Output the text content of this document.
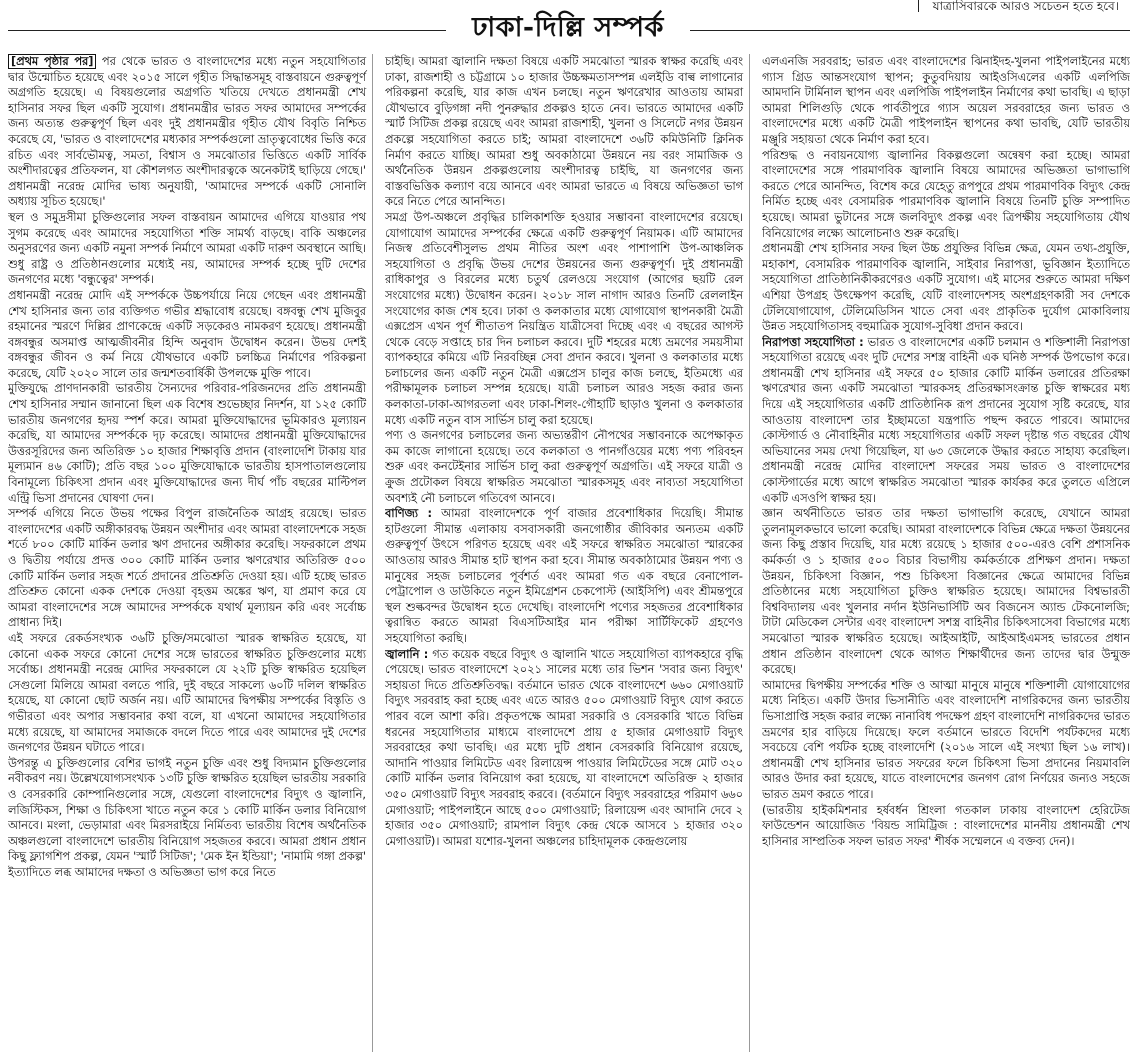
যাত্রাসিবারকে আরও সচেতন হতে হবে।
ঢাকা-দিল্লি সম্পর্ক

[প্রথম পৃষ্ঠার পর] পর থেকে ভারত ও বাংলাদেশের মধ্যে নতুন সহযোগিতার দ্বার উন্মোচিত হয়েছে এবং ২০১৫ সালে গৃহীত সিদ্ধান্তসমূহ বাস্তবায়নে গুরুত্বপূর্ণ অগ্রগতি হয়েছে। এ বিষয়গুলোর অগ্রগতি খতিয়ে দেখতে প্রধানমন্ত্রী শেখ হাসিনার সফর ছিল একটি সুযোগ। প্রধানমন্ত্রীর ভারত সফর আমাদের সম্পর্কের জন্য অত্যন্ত গুরুত্বপূর্ণ ছিল এবং দুই প্রধানমন্ত্রীর গৃহীত যৌথ বিবৃতি নিশ্চিত করেছে যে, 'ভারত ও বাংলাদেশের মধ্যকার সম্পর্কগুলো ভ্রাতৃত্ববোধের ভিত্তি করে রচিত এবং সার্বভৌমত্ব, সমতা, বিশ্বাস ও সমঝোতার ভিত্তিতে একটি সার্বিক অংশীদারত্বের প্রতিফলন, যা কৌশলগত অংশীদারত্বকে অনেকটাই ছাড়িয়ে গেছে।' প্রধানমন্ত্রী নরেন্দ্র মোদির ভাষ্য অনুযায়ী, 'আমাদের সম্পর্কে একটি সোনালি অধ্যায় সূচিত হয়েছে।'

স্থল ও সমুদ্রসীমা চুক্তিগুলোর সফল বাস্তবায়ন আমাদের এগিয়ে যাওয়ার পথ সুগম করেছে এবং আমাদের সহযোগিতা শক্তি সামর্থ্য বাড়ছে। বাকি অঞ্চলের অনুসরণের জন্য একটি নমুনা সম্পর্ক নির্মাণে আমরা একটি দারুণ অবস্থানে আছি। শুধু রাষ্ট্র ও প্রতিষ্ঠানগুলোর মধ্যেই নয়, আমাদের সম্পর্ক হচ্ছে দুটি দেশের জনগণের মধ্যে 'বন্ধুত্বের' সম্পর্ক।

প্রধানমন্ত্রী নরেন্দ্র মোদি এই সম্পর্ককে উচ্চপর্যায়ে নিয়ে গেছেন এবং প্রধানমন্ত্রী শেখ হাসিনার জন্য তার ব্যক্তিগত গভীর শ্রদ্ধাবোধ রয়েছে। বঙ্গবন্ধু শেখ মুজিবুর রহমানের স্মরণে দিল্লির প্রাণকেন্দ্রে একটি সড়কেরও নামকরণ হয়েছে। প্রধানমন্ত্রী বঙ্গবন্ধুর অসমাপ্ত আত্মজীবনীর হিন্দি অনুবাদ উদ্বোধন করেন। উভয় দেশই বঙ্গবন্ধুর জীবন ও কর্ম নিয়ে যৌথভাবে একটি চলচ্চিত্র নির্মাণের পরিকল্পনা করেছে, যেটি ২০২০ সালে তার জন্মশতবার্ষিকী উপলক্ষে মুক্তি পাবে।

মুক্তিযুদ্ধে প্রাণদানকারী ভারতীয় সৈন্যদের পরিবার-পরিজনদের প্রতি প্রধানমন্ত্রী শেখ হাসিনার সম্মান জানানো ছিল এক বিশেষ শুভেচ্ছার নিদর্শন, যা ১২৫ কোটি ভারতীয় জনগণের হৃদয় স্পর্শ করে। আমরা মুক্তিযোদ্ধাদের ভূমিকারও মূল্যায়ন করেছি, যা আমাদের সম্পর্ককে দৃঢ় করেছে। আমাদের প্রধানমন্ত্রী মুক্তিযোদ্ধাদের উত্তরসূরিদের জন্য অতিরিক্ত ১০ হাজার শিক্ষাবৃত্তি প্রদান (বাংলাদেশি টাকায় যার মূল্যমান ৪৬ কোটি); প্রতি বছর ১০০ মুক্তিযোদ্ধাকে ভারতীয় হাসপাতালগুলোয় বিনামূল্যে চিকিৎসা প্রদান এবং মুক্তিযোদ্ধাদের জন্য দীর্ঘ পাঁচ বছরের মাল্টিপল এন্ট্রি ভিসা প্রদানের ঘোষণা দেন।

সম্পর্ক এগিয়ে নিতে উভয় পক্ষের বিপুল রাজনৈতিক আগ্রহ রয়েছে। ভারত বাংলাদেশের একটি অঙ্গীকারবদ্ধ উন্নয়ন অংশীদার এবং আমরা বাংলাদেশকে সহজ শর্তে ৮০০ কোটি মার্কিন ডলার ঋণ প্রদানের অঙ্গীকার করেছি। সফরকালে প্রথম ও দ্বিতীয় পর্যায়ে প্রদত্ত ৩০০ কোটি মার্কিন ডলার ঋণরেখার অতিরিক্ত ৫০০ কোটি মার্কিন ডলার সহজ শর্তে প্রদানের প্রতিশ্রুতি দেওয়া হয়। এটি হচ্ছে ভারত প্রতিশ্রুত কোনো একক দেশকে দেওয়া বৃহত্তম অঙ্কের ঋণ, যা প্রমাণ করে যে আমরা বাংলাদেশের সঙ্গে আমাদের সম্পর্ককে যথার্থ মূল্যায়ন করি এবং সর্বোচ্চ প্রাধান্য দিই।

এই সফরে রেকর্ডসংখ্যক ৩৬টি চুক্তি/সমঝোতা স্মারক স্বাক্ষরিত হয়েছে, যা কোনো একক সফরে কোনো দেশের সঙ্গে ভারতের স্বাক্ষরিত চুক্তিগুলোর মধ্যে সর্বোচ্চ। প্রধানমন্ত্রী নরেন্দ্র মোদির সফরকালে যে ২২টি চুক্তি স্বাক্ষরিত হয়েছিল সেগুলো মিলিয়ে আমরা বলতে পারি, দুই বছরে সাকল্যে ৬০টি দলিল স্বাক্ষরিত হয়েছে, যা কোনো ছোট অর্জন নয়। এটি আমাদের দ্বিপক্ষীয় সম্পর্কের বিস্তৃতি ও গভীরতা এবং অপার সম্ভাবনার কথা বলে, যা এখনো আমাদের সহযোগিতার মধ্যে রয়েছে, যা আমাদের সমাজকে বদলে দিতে পারে এবং আমাদের দুই দেশের জনগণের উন্নয়ন ঘটাতে পারে।

উপরন্তু এ চুক্তিগুলোর বেশির ভাগই নতুন চুক্তি এবং শুধু বিদ্যমান চুক্তিগুলোর নবীকরণ নয়। উল্লেখযোগ্যসংখ্যক ১৩টি চুক্তি স্বাক্ষরিত হয়েছিল ভারতীয় সরকারি ও বেসরকারি কোম্পানিগুলোর সঙ্গে, যেগুলো বাংলাদেশের বিদ্যুৎ ও জ্বালানি, লজিস্টিকস, শিক্ষা ও চিকিৎসা খাতে নতুন করে ১ কোটি মার্কিন ডলার বিনিয়োগ আনবে। মংলা, ভেড়ামারা এবং মিরসরাইয়ে নির্মিতব্য ভারতীয় বিশেষ অর্থনৈতিক অঞ্চলগুলো বাংলাদেশে ভারতীয় বিনিয়োগ সহজতর করবে। আমরা প্রধান প্রধান কিছু ফ্ল্যাগশিপ প্রকল্প, যেমন 'স্মার্ট সিটিজ'; 'মেক ইন ইন্ডিয়া'; 'নামামি গঙ্গা প্রকল্প' ইত্যাদিতে লব্ধ আমাদের দক্ষতা ও অভিজ্ঞতা ভাগ করে নিতে

চাইছি। আমরা জ্বালানি দক্ষতা বিষয়ে একটি সমঝোতা স্মারক স্বাক্ষর করেছি এবং ঢাকা, রাজশাহী ও চট্টগ্রামে ১০ হাজার উচ্চক্ষমতাসম্পন্ন এলইডি বাল্ব লাগানোর পরিকল্পনা করেছি, যার কাজ এখন চলছে। নতুন ঋণরেখার আওতায় আমরা যৌথভাবে বুড়িগঙ্গা নদী পুনরুদ্ধার প্রকল্পও হাতে নেব। ভারতে আমাদের একটি স্মার্ট সিটিজ প্রকল্প রয়েছে এবং আমরা রাজশাহী, খুলনা ও সিলেটে নগর উন্নয়ন প্রকল্পে সহযোগিতা করতে চাই; আমরা বাংলাদেশে ৩৬টি কমিউনিটি ক্লিনিক নির্মাণ করতে যাচ্ছি। আমরা শুধু অবকাঠামো উন্নয়নে নয় বরং সামাজিক ও অর্থনৈতিক উন্নয়ন প্রকল্পগুলোয় অংশীদারত্ব চাইছি, যা জনগণের জন্য বাস্তবভিত্তিক কল্যাণ বয়ে আনবে এবং আমরা ভারতে এ বিষয়ে অভিজ্ঞতা ভাগ করে নিতে পেরে আনন্দিত।

সমগ্র উপ-অঞ্চলে প্রবৃদ্ধির চালিকাশক্তি হওয়ার সম্ভাবনা বাংলাদেশের রয়েছে। যোগাযোগ আমাদের সম্পর্কের ক্ষেত্রে একটি গুরুত্বপূর্ণ নিয়ামক। এটি আমাদের নিজস্ব প্রতিবেশীসুলভ প্রথম নীতির অংশ এবং পাশাপাশি উপ-আঞ্চলিক সহযোগিতা ও প্রবৃদ্ধি উভয় দেশের উন্নয়নের জন্য গুরুত্বপূর্ণ। দুই প্রধানমন্ত্রী রাধিকাপুর ও বিরলের মধ্যে চতুর্থ রেলওয়ে সংযোগ (আগের ছয়টি রেল সংযোগের মধ্যে) উদ্বোধন করেন। ২০১৮ সাল নাগাদ আরও তিনটি রেললাইন সংযোগের কাজ শেষ হবে। ঢাকা ও কলকাতার মধ্যে যোগাযোগ স্থাপনকারী মৈত্রী এক্সপ্রেস এখন পূর্ণ শীতাতপ নিয়ন্ত্রিত যাত্রীসেবা দিচ্ছে এবং এ বছরের আগস্ট থেকে বেড়ে সপ্তাহে চার দিন চলাচল করবে। দুটি শহরের মধ্যে ভ্রমণের সময়সীমা ব্যাপকহারে কমিয়ে এটি নিরবচ্ছিন্ন সেবা প্রদান করবে। খুলনা ও কলকাতার মধ্যে চলাচলের জন্য একটি নতুন মৈত্রী এক্সপ্রেস চালুর কাজ চলছে, ইতিমধ্যে এর পরীক্ষামূলক চলাচল সম্পন্ন হয়েছে। যাত্রী চলাচল আরও সহজ করার জন্য কলকাতা-ঢাকা-আগরতলা এবং ঢাকা-শিলং-গৌহাটি ছাড়াও খুলনা ও কলকাতার মধ্যে একটি নতুন বাস সার্ভিস চালু করা হয়েছে।

পণ্য ও জনগণের চলাচলের জন্য অভ্যন্তরীণ নৌপথের সম্ভাবনাকে অপেক্ষাকৃত কম কাজে লাগানো হয়েছে। তবে কলকাতা ও পানগাঁওয়ের মধ্যে পণ্য পরিবহন শুরু এবং কনটেইনার সার্ভিস চালু করা গুরুত্বপূর্ণ অগ্রগতি। এই সফরে যাত্রী ও ক্রুজ প্রটোকল বিষয়ে স্বাক্ষরিত সমঝোতা স্মারকসমূহ এবং নাব্যতা সহযোগিতা অবশ্যই নৌ চলাচলে গতিবেগ আনবে।

বাণিজ্য : আমরা বাংলাদেশকে পূর্ণ বাজার প্রবেশাধিকার দিয়েছি। সীমান্ত হাটগুলো সীমান্ত এলাকায় বসবাসকারী জনগোষ্ঠীর জীবিকার অন্যতম একটি গুরুত্বপূর্ণ উৎসে পরিণত হয়েছে এবং এই সফরে স্বাক্ষরিত সমঝোতা স্মারকের আওতায় আরও সীমান্ত হাট স্থাপন করা হবে। সীমান্ত অবকাঠামোর উন্নয়ন পণ্য ও মানুষের সহজ চলাচলের পূর্বশর্ত এবং আমরা গত এক বছরে বেনাপোল-পেট্রাপোল ও ডাউকিতে নতুন ইমিগ্রেশন চেকপোস্ট (আইসিপি) এবং শ্রীমন্তপুরে স্থল শুল্কবন্দর উদ্বোধন হতে দেখেছি। বাংলাদেশি পণ্যের সহজতর প্রবেশাধিকার ত্বরান্বিত করতে আমরা বিএসটিআইর মান পরীক্ষা সার্টিফিকেট গ্রহণেও সহযোগিতা করছি।

জ্বালানি : গত কয়েক বছরে বিদ্যুৎ ও জ্বালানি খাতে সহযোগিতা ব্যাপকহারে বৃদ্ধি পেয়েছে। ভারত বাংলাদেশে ২০২১ সালের মধ্যে তার ভিশন 'সবার জন্য বিদ্যুৎ' সহায়তা দিতে প্রতিশ্রুতিবদ্ধ। বর্তমানে ভারত থেকে বাংলাদেশে ৬৬০ মেগাওয়াট বিদ্যুৎ সরবরাহ করা হচ্ছে এবং এতে আরও ৫০০ মেগাওয়াট বিদ্যুৎ যোগ করতে পারব বলে আশা করি। প্রকৃতপক্ষে আমরা সরকারি ও বেসরকারি খাতে বিভিন্ন ধরনের সহযোগিতার মাধ্যমে বাংলাদেশে প্রায় ৫ হাজার মেগাওয়াট বিদ্যুৎ সরবরাহের কথা ভাবছি। এর মধ্যে দুটি প্রধান বেসরকারি বিনিয়োগ রয়েছে, আদানি পাওয়ার লিমিটেড এবং রিলায়েন্স পাওয়ার লিমিটেডের সঙ্গে মোট ৩২০ কোটি মার্কিন ডলার বিনিয়োগ করা হয়েছে, যা বাংলাদেশে অতিরিক্ত ২ হাজার ৩৫০ মেগাওয়াট বিদ্যুৎ সরবরাহ করবে। (বর্তমানে বিদ্যুৎ সরবরাহের পরিমাণ ৬৬০ মেগাওয়াট; পাইপলাইনে আছে ৫০০ মেগাওয়াট; রিলায়েন্স এবং আদানি দেবে ২ হাজার ৩৫০ মেগাওয়াট; রামপাল বিদ্যুৎ কেন্দ্র থেকে আসবে ১ হাজার ৩২০ মেগাওয়াট)। আমরা যশোর-খুলনা অঞ্চলের চাহিদামূলক কেন্দ্রগুলোয়

এলএনজি সরবরাহ; ভারত এবং বাংলাদেশের ঝিনাইদহ-খুলনা পাইপলাইনের মধ্যে গ্যাস গ্রিড আন্তসংযোগ স্থাপন; কুতুবদিয়ায় আইওসিএলের একটি এলপিজি আমদানি টার্মিনাল স্থাপন এবং এলপিজি পাইপলাইন নির্মাণের কথা ভাবছি। এ ছাড়া আমরা শিলিগুড়ি থেকে পার্বতীপুরে গ্যাস অয়েল সরবরাহের জন্য ভারত ও বাংলাদেশের মধ্যে একটি মৈত্রী পাইপলাইন স্থাপনের কথা ভাবছি, যেটি ভারতীয় মঞ্জুরি সহায়তা থেকে নির্মাণ করা হবে।

পরিশুদ্ধ ও নবায়নযোগ্য জ্বালানির বিকল্পগুলো অন্বেষণ করা হচ্ছে। আমরা বাংলাদেশের সঙ্গে পারমাণবিক জ্বালানি বিষয়ে আমাদের অভিজ্ঞতা ভাগাভাগি করতে পেরে আনন্দিত, বিশেষ করে যেহেতু রূপপুরে প্রথম পারমাণবিক বিদ্যুৎ কেন্দ্র নির্মিত হচ্ছে এবং বেসামরিক পারমাণবিক জ্বালানি বিষয়ে তিনটি চুক্তি সম্পাদিত হয়েছে। আমরা ভুটানের সঙ্গে জলবিদ্যুৎ প্রকল্প এবং ত্রিপক্ষীয় সহযোগিতায় যৌথ বিনিয়োগের লক্ষ্যে আলোচনাও শুরু করেছি।

প্রধানমন্ত্রী শেখ হাসিনার সফর ছিল উচ্চ প্রযুক্তির বিভিন্ন ক্ষেত্র, যেমন তথ্য-প্রযুক্তি, মহাকাশ, বেসামরিক পারমাণবিক জ্বালানি, সাইবার নিরাপত্তা, ভূবিজ্ঞান ইত্যাদিতে সহযোগিতা প্রাতিষ্ঠানিকীকরণেরও একটি সুযোগ। এই মাসের শুরুতে আমরা দক্ষিণ এশিয়া উপগ্রহ উৎক্ষেপণ করেছি, যেটি বাংলাদেশসহ অংশগ্রহণকারী সব দেশকে টেলিযোগাযোগ, টেলিমেডিসিন খাতে সেবা এবং প্রাকৃতিক দুর্যোগ মোকাবিলায় উন্নত সহযোগিতাসহ বহুমাত্রিক সুযোগ-সুবিধা প্রদান করবে।

নিরাপত্তা সহযোগিতা : ভারত ও বাংলাদেশের একটি চলমান ও শক্তিশালী নিরাপত্তা সহযোগিতা রয়েছে এবং দুটি দেশের সশস্ত্র বাহিনী এক ঘনিষ্ঠ সম্পর্ক উপভোগ করে। প্রধানমন্ত্রী শেখ হাসিনার এই সফরে ৫০ হাজার কোটি মার্কিন ডলারের প্রতিরক্ষা ঋণরেখার জন্য একটি সমঝোতা স্মারকসহ প্রতিরক্ষাসংক্রান্ত চুক্তি স্বাক্ষরের মধ্য দিয়ে এই সহযোগিতার একটি প্রাতিষ্ঠানিক রূপ প্রদানের সুযোগ সৃষ্টি করেছে, যার আওতায় বাংলাদেশ তার ইচ্ছামতো যন্ত্রপাতি পছন্দ করতে পারবে। আমাদের কোস্টগার্ড ও নৌবাহিনীর মধ্যে সহযোগিতার একটি সফল দৃষ্টান্ত গত বছরের যৌথ অভিযানের সময় দেখা গিয়েছিল, যা ৬৩ জেলেকে উদ্ধার করতে সাহায্য করেছিল। প্রধানমন্ত্রী নরেন্দ্র মোদির বাংলাদেশ সফরের সময় ভারত ও বাংলাদেশের কোস্টগার্ডের মধ্যে আগে স্বাক্ষরিত সমঝোতা স্মারক কার্যকর করে তুলতে এপ্রিলে একটি এসওপি স্বাক্ষর হয়।

জ্ঞান অর্থনীতিতে ভারত তার দক্ষতা ভাগাভাগি করেছে, যেখানে আমরা তুলনামূলকভাবে ভালো করেছি। আমরা বাংলাদেশকে বিভিন্ন ক্ষেত্রে দক্ষতা উন্নয়নের জন্য কিছু প্রস্তাব দিয়েছি, যার মধ্যে রয়েছে ১ হাজার ৫০০-এরও বেশি প্রশাসনিক কর্মকর্তা ও ১ হাজার ৫০০ বিচার বিভাগীয় কর্মকর্তাকে প্রশিক্ষণ প্রদান। দক্ষতা উন্নয়ন, চিকিৎসা বিজ্ঞান, পশু চিকিৎসা বিজ্ঞানের ক্ষেত্রে আমাদের বিভিন্ন প্রতিষ্ঠানের মধ্যে সহযোগিতা চুক্তিও স্বাক্ষরিত হয়েছে। আমাদের বিশ্বভারতী বিশ্ববিদ্যালয় এবং খুলনার নর্দান ইউনিভার্সিটি অব বিজনেস অ্যান্ড টেকনোলজি; টাটা মেডিকেল সেন্টার এবং বাংলাদেশ সশস্ত্র বাহিনীর চিকিৎসাসেবা বিভাগের মধ্যে সমঝোতা স্মারক স্বাক্ষরিত হয়েছে। আইআইটি, আইআইএমসহ ভারতের প্রধান প্রধান প্রতিষ্ঠান বাংলাদেশ থেকে আগত শিক্ষার্থীদের জন্য তাদের দ্বার উন্মুক্ত করেছে।

আমাদের দ্বিপক্ষীয় সম্পর্কের শক্তি ও আত্মা মানুষে মানুষে শক্তিশালী যোগাযোগের মধ্যে নিহিত। একটি উদার ভিসানীতি এবং বাংলাদেশি নাগরিকদের জন্য ভারতীয় ভিসাপ্রাপ্তি সহজ করার লক্ষ্যে নানাবিধ পদক্ষেপ গ্রহণ বাংলাদেশি নাগরিকদের ভারত ভ্রমণের হার বাড়িয়ে দিয়েছে। ফলে বর্তমানে ভারতে বিদেশি পর্যটকদের মধ্যে সবচেয়ে বেশি পর্যটক হচ্ছে বাংলাদেশি (২০১৬ সালে এই সংখ্যা ছিল ১৬ লাখ)। প্রধানমন্ত্রী শেখ হাসিনার ভারত সফরের ফলে চিকিৎসা ভিসা প্রদানের নিয়মাবলি আরও উদার করা হয়েছে, যাতে বাংলাদেশের জনগণ রোগ নির্ণয়ের জন্যও সহজে ভারত ভ্রমণ করতে পারে।

(ভারতীয় হাইকমিশনার হর্ষবর্ধন শ্রিংলা গতকাল ঢাকায় বাংলাদেশ হেরিটেজ ফাউন্ডেশন আয়োজিত 'বিয়ন্ড সামিট্রিজ : বাংলাদেশের মাননীয় প্রধানমন্ত্রী শেখ হাসিনার সাম্প্রতিক সফল ভারত সফর' শীর্ষক সম্মেলনে এ বক্তব্য দেন)।
